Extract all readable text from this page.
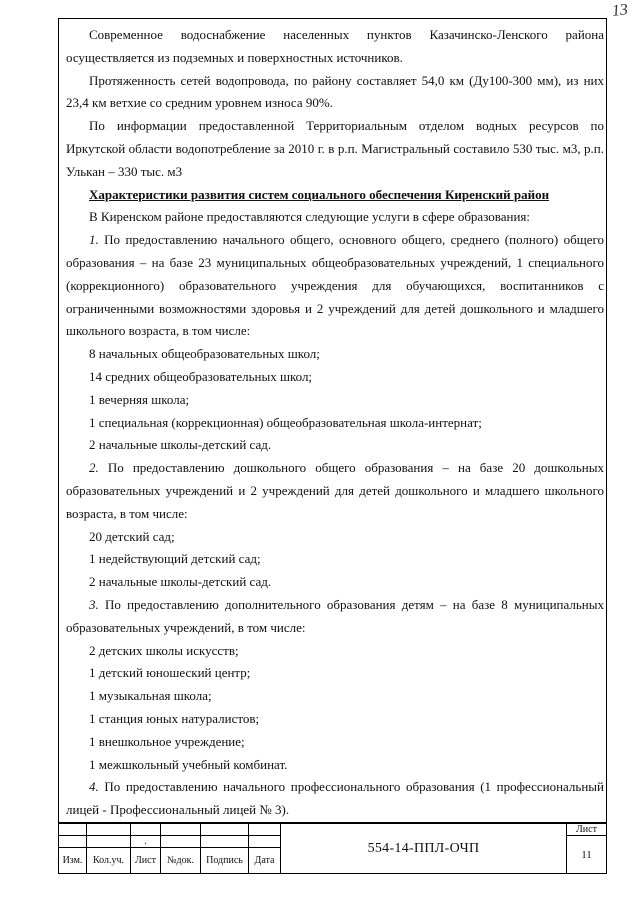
13

Современное водоснабжение населенных пунктов Казачинско-Ленского района осуществляется из подземных и поверхностных источников.

Протяженность сетей водопровода, по району составляет 54,0 км (Ду100-300 мм), из них 23,4 км ветхие со средним уровнем износа 90%.

По информации предоставленной Территориальным отделом водных ресурсов по Иркутской области водопотребление за 2010 г. в р.п. Магистральный составило 530 тыс. м3, р.п. Улькан – 330 тыс. м3

Характеристики развития систем социального обеспечения Киренский район

В Киренском районе предоставляются следующие услуги в сфере образования:

1. По предоставлению начального общего, основного общего, среднего (полного) общего образования – на базе 23 муниципальных общеобразовательных учреждений, 1 специального (коррекционного) образовательного учреждения для обучающихся, воспитанников с ограниченными возможностями здоровья и 2 учреждений для детей дошкольного и младшего школьного возраста, в том числе:

8 начальных общеобразовательных школ;

14 средних общеобразовательных школ;

1 вечерняя школа;

1 специальная (коррекционная) общеобразовательная школа-интернат;

2 начальные школы-детский сад.

2. По предоставлению дошкольного общего образования – на базе 20 дошкольных образовательных учреждений и 2 учреждений для детей дошкольного и младшего школьного возраста, в том числе:

20 детский сад;

1 недействующий детский сад;

2 начальные школы-детский сад.

3. По предоставлению дополнительного образования детям – на базе 8 муниципальных образовательных учреждений, в том числе:

2 детских школы искусств;

1 детский юношеский центр;

1 музыкальная школа;

1 станция юных натуралистов;

1 внешкольное учреждение;

1 межшкольный учебный комбинат.

4. По предоставлению начального профессионального образования (1 профессиональный лицей - Профессиональный лицей № 3).

						554-14-ППЛ-ОЧП	Лист
		.					11
Изм.	Кол.уч.	Лист	№док.	Подпись	Дата		
